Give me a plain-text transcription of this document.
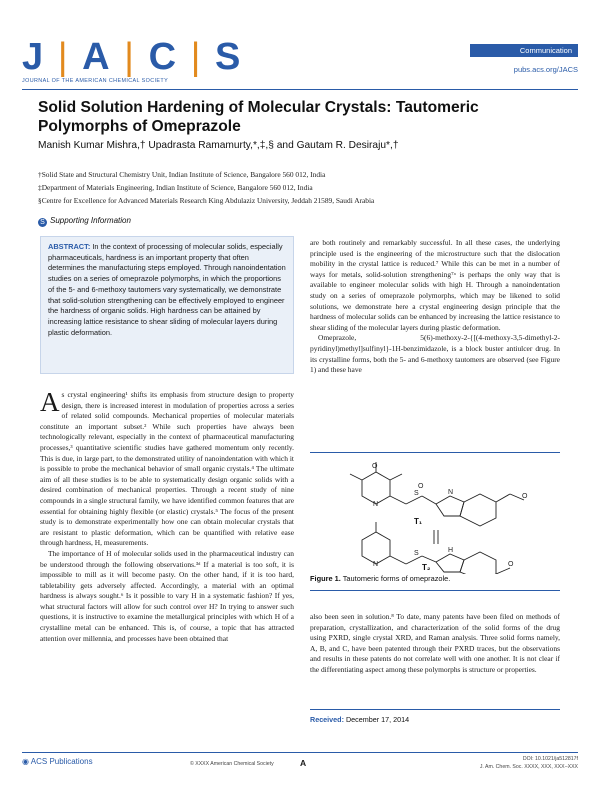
J | A | C | S
JOURNAL OF THE AMERICAN CHEMICAL SOCIETY
Communication
pubs.acs.org/JACS
Solid Solution Hardening of Molecular Crystals: Tautomeric Polymorphs of Omeprazole
Manish Kumar Mishra,† Upadrasta Ramamurty,*,‡,§ and Gautam R. Desiraju*,†
†Solid State and Structural Chemistry Unit, Indian Institute of Science, Bangalore 560 012, India
‡Department of Materials Engineering, Indian Institute of Science, Bangalore 560 012, India
§Centre for Excellence for Advanced Materials Research King Abdulaziz University, Jeddah 21589, Saudi Arabia
S Supporting Information
ABSTRACT: In the context of processing of molecular solids, especially pharmaceuticals, hardness is an important property that often determines the manufacturing steps employed. Through nanoindentation studies on a series of omeprazole polymorphs, in which the proportions of the 5- and 6-methoxy tautomers vary systematically, we demonstrate that solid-solution strengthening can be effectively employed to engineer the hardness of organic solids. High hardness can be attained by increasing lattice resistance to shear sliding of molecular layers during plastic deformation.

As crystal engineering¹ shifts its emphasis from structure design to property design, there is increased interest in modulation of properties across a series of related solid compounds. Mechanical properties of molecular materials constitute an important subset.² While such properties have always been technologically relevant, especially in the context of pharmaceutical manufacturing processes,³ quantitative scientific studies have gathered momentum only recently. This is due, in large part, to the demonstrated utility of nanoindentation with which it is possible to probe the mechanical behavior of small organic crystals.⁴ The ultimate aim of all these studies is to be able to systematically design organic solids with a desired combination of mechanical properties. Through a recent study of nine compounds in a single structural family, we have identified common features that are essential for obtaining highly flexible (or elastic) crystals.⁵ The focus of the present study is to demonstrate experimentally how one can obtain molecular crystals that are resistant to plastic deformation, which can be quantified with relative ease through hardness, H, measurements.

The importance of H of molecular solids used in the pharmaceutical industry can be understood through the following observations.³ᵈ If a material is too soft, it is impossible to mill as it will become pasty. On the other hand, if it is too hard, tabletability gets adversely affected. Accordingly, a material with an optimal hardness is always sought.⁶ Is it possible to vary H in a systematic fashion? If yes, what structural factors will allow for such control over H? In trying to answer such questions, it is instructive to examine the metallurgical principles with which H of a crystalline metal can be enhanced. This is, of course, a topic that has attracted attention over millennia, and processes have been obtained that

are both routinely and remarkably successful. In all these cases, the underlying principle used is the engineering of the microstructure such that the dislocation mobility in the crystal lattice is reduced.⁷ While this can be met in a number of ways for metals, solid-solution strengthening⁷ᵃ is perhaps the only way that is available to engineer molecular solids with high H. Through a nanoindentation study on a series of omeprazole polymorphs, which may be likened to solid solutions, we demonstrate here a crystal engineering design principle that the hardness of molecular solids can be enhanced by increasing the lattice resistance to shear sliding of the molecular layers during plastic deformation.

Omeprazole, 5(6)-methoxy-2-{[(4-methoxy-3,5-dimethyl-2-pyridinyl)methyl]sulfinyl}-1H-benzimidazole, is a block buster antiulcer drug. In its crystalline forms, both the 5- and 6-methoxy tautomers are observed (see Figure 1) and these have

S
O
O
N
N
O
S
N
H
O
T₁
T₂
Figure 1. Tautomeric forms of omeprazole.

also been seen in solution.⁸ To date, many patents have been filed on methods of preparation, crystallization, and characterization of the solid forms of the drug using PXRD, single crystal XRD, and Raman analysis. Three solid forms namely, A, B, and C, have been patented through their PXRD traces, but the observations and results in these patents do not correlate well with one another. It is not clear if the differentiating aspect among these polymorphs is structure or properties.

Received: December 17, 2014
◉ ACS Publications	© XXXX American Chemical Society	A	DOI: 10.1021/ja512817f
J. Am. Chem. Soc. XXXX, XXX, XXX−XXX
